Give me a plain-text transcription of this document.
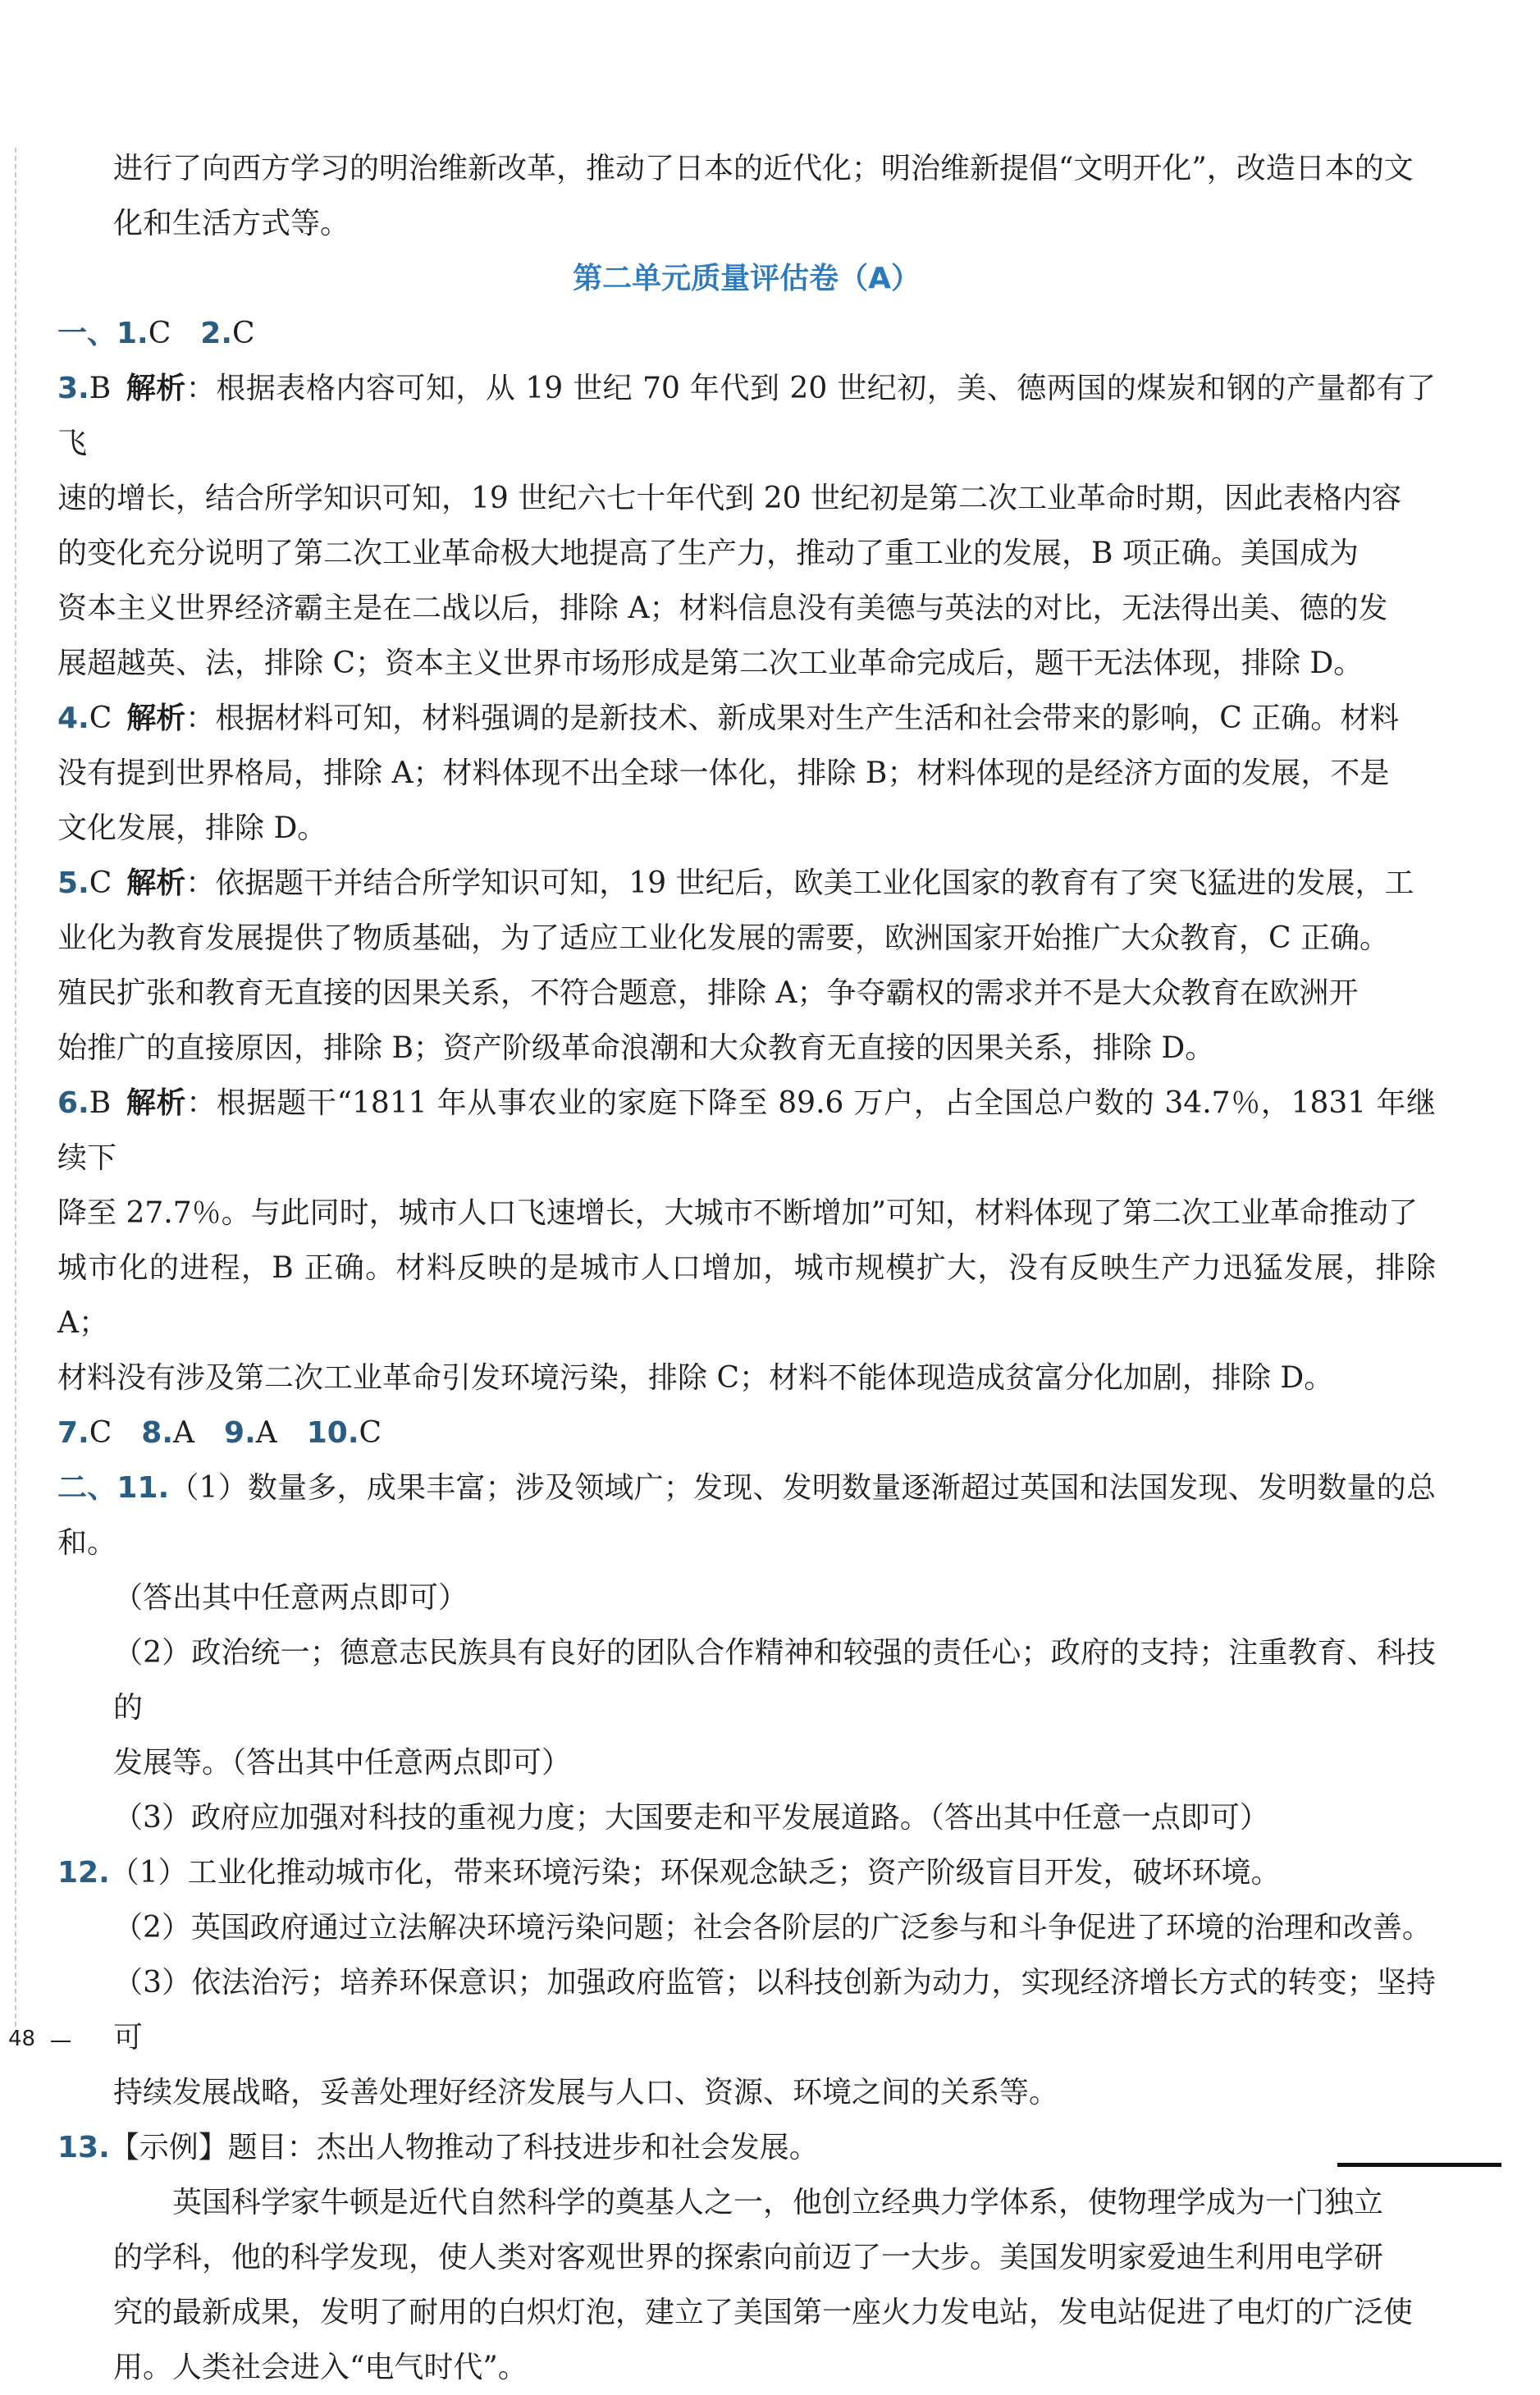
进行了向西方学习的明治维新改革，推动了日本的近代化；明治维新提倡“文明开化”，改造日本的文

化和生活方式等。

第二单元质量评估卷（A）

一、1.C　2.C

3.B 解析：根据表格内容可知，从 19 世纪 70 年代到 20 世纪初，美、德两国的煤炭和钢的产量都有了飞

速的增长，结合所学知识可知，19 世纪六七十年代到 20 世纪初是第二次工业革命时期，因此表格内容

的变化充分说明了第二次工业革命极大地提高了生产力，推动了重工业的发展，B 项正确。美国成为

资本主义世界经济霸主是在二战以后，排除 A；材料信息没有美德与英法的对比，无法得出美、德的发

展超越英、法，排除 C；资本主义世界市场形成是第二次工业革命完成后，题干无法体现，排除 D。

4.C 解析：根据材料可知，材料强调的是新技术、新成果对生产生活和社会带来的影响，C 正确。材料

没有提到世界格局，排除 A；材料体现不出全球一体化，排除 B；材料体现的是经济方面的发展，不是

文化发展，排除 D。

5.C 解析：依据题干并结合所学知识可知，19 世纪后，欧美工业化国家的教育有了突飞猛进的发展，工

业化为教育发展提供了物质基础，为了适应工业化发展的需要，欧洲国家开始推广大众教育，C 正确。

殖民扩张和教育无直接的因果关系，不符合题意，排除 A；争夺霸权的需求并不是大众教育在欧洲开

始推广的直接原因，排除 B；资产阶级革命浪潮和大众教育无直接的因果关系，排除 D。

6.B 解析：根据题干“1811 年从事农业的家庭下降至 89.6 万户，占全国总户数的 34.7％，1831 年继续下

降至 27.7％。与此同时，城市人口飞速增长，大城市不断增加”可知，材料体现了第二次工业革命推动了

城市化的进程，B 正确。材料反映的是城市人口增加，城市规模扩大，没有反映生产力迅猛发展，排除 A；

材料没有涉及第二次工业革命引发环境污染，排除 C；材料不能体现造成贫富分化加剧，排除 D。

7.C  8.A  9.A  10.C

二、11.（1）数量多，成果丰富；涉及领域广；发现、发明数量逐渐超过英国和法国发现、发明数量的总和。

（答出其中任意两点即可）

（2）政治统一；德意志民族具有良好的团队合作精神和较强的责任心；政府的支持；注重教育、科技的

发展等。（答出其中任意两点即可）

（3）政府应加强对科技的重视力度；大国要走和平发展道路。（答出其中任意一点即可）

12.（1）工业化推动城市化，带来环境污染；环保观念缺乏；资产阶级盲目开发，破坏环境。

（2）英国政府通过立法解决环境污染问题；社会各阶层的广泛参与和斗争促进了环境的治理和改善。

（3）依法治污；培养环保意识；加强政府监管；以科技创新为动力，实现经济增长方式的转变；坚持可

持续发展战略，妥善处理好经济发展与人口、资源、环境之间的关系等。

13.【示例】题目：杰出人物推动了科技进步和社会发展。

英国科学家牛顿是近代自然科学的奠基人之一，他创立经典力学体系，使物理学成为一门独立

的学科，他的科学发现，使人类对客观世界的探索向前迈了一大步。美国发明家爱迪生利用电学研

究的最新成果，发明了耐用的白炽灯泡，建立了美国第一座火力发电站，发电站促进了电灯的广泛使

用。人类社会进入“电气时代”。

48
